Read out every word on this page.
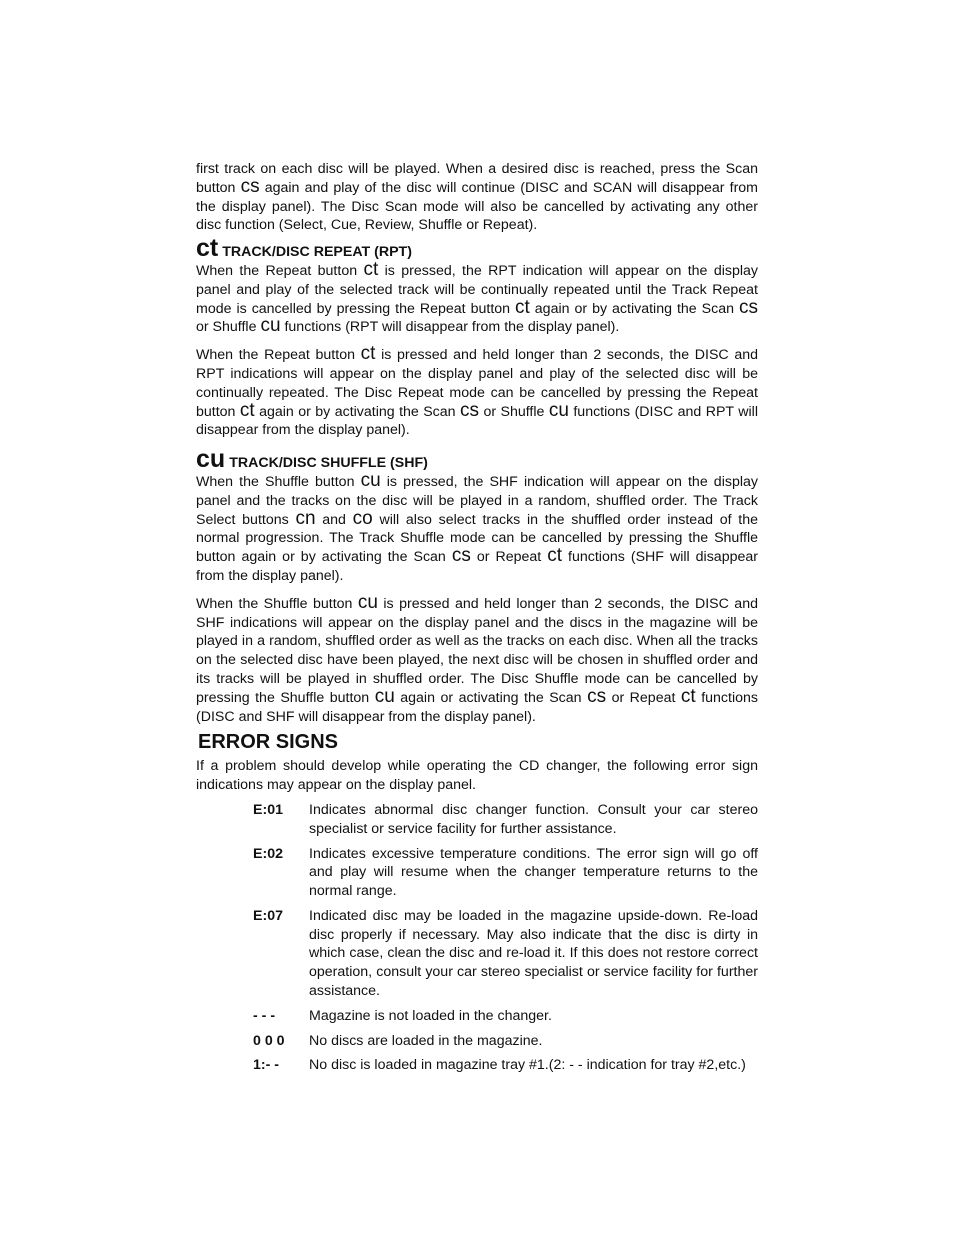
first track on each disc will be played. When a desired disc is reached, press the Scan button cs again and play of the disc will continue (DISC and SCAN will disappear from the display panel). The Disc Scan mode will also be cancelled by activating any other disc function (Select, Cue, Review, Shuffle or Repeat).

ct TRACK/DISC REPEAT (RPT)

When the Repeat button ct is pressed, the RPT indication will appear on the display panel and play of the selected track will be continually repeated until the Track Repeat mode is cancelled by pressing the Repeat button ct again or by activating the Scan cs or Shuffle cu functions (RPT will disappear from the display panel).

When the Repeat button ct is pressed and held longer than 2 seconds, the DISC and RPT indications will appear on the display panel and play of the selected disc will be continually repeated. The Disc Repeat mode can be cancelled by pressing the Repeat button ct again or by activating the Scan cs or Shuffle cu functions (DISC and RPT will disappear from the display panel).

cu TRACK/DISC SHUFFLE (SHF)

When the Shuffle button cu is pressed, the SHF indication will appear on the display panel and the tracks on the disc will be played in a random, shuffled order. The Track Select buttons cn and co will also select tracks in the shuffled order instead of the normal progression. The Track Shuffle mode can be cancelled by pressing the Shuffle button again or by activating the Scan cs or Repeat ct functions (SHF will disappear from the display panel).

When the Shuffle button cu is pressed and held longer than 2 seconds, the DISC and SHF indications will appear on the display panel and the discs in the magazine will be played in a random, shuffled order as well as the tracks on each disc. When all the tracks on the selected disc have been played, the next disc will be chosen in shuffled order and its tracks will be played in shuffled order. The Disc Shuffle mode can be cancelled by pressing the Shuffle button cu again or activating the Scan cs or Repeat ct functions (DISC and SHF will disappear from the display panel).

ERROR SIGNS

If a problem should develop while operating the CD changer, the following error sign indications may appear on the display panel.

E:01	Indicates abnormal disc changer function. Consult your car stereo specialist or service facility for further assistance.
E:02	Indicates excessive temperature conditions. The error sign will go off and play will resume when the changer temperature returns to the normal range.
E:07	Indicated disc may be loaded in the magazine upside-down. Re-load disc properly if necessary. May also indicate that the disc is dirty in which case, clean the disc and re-load it. If this does not restore correct operation, consult your car stereo specialist or service facility for further assistance.
- - -	Magazine is not loaded in the changer.
0 0 0	No discs are loaded in the magazine.
1:- -	No disc is loaded in magazine tray #1.(2: - - indication for tray #2,etc.)
